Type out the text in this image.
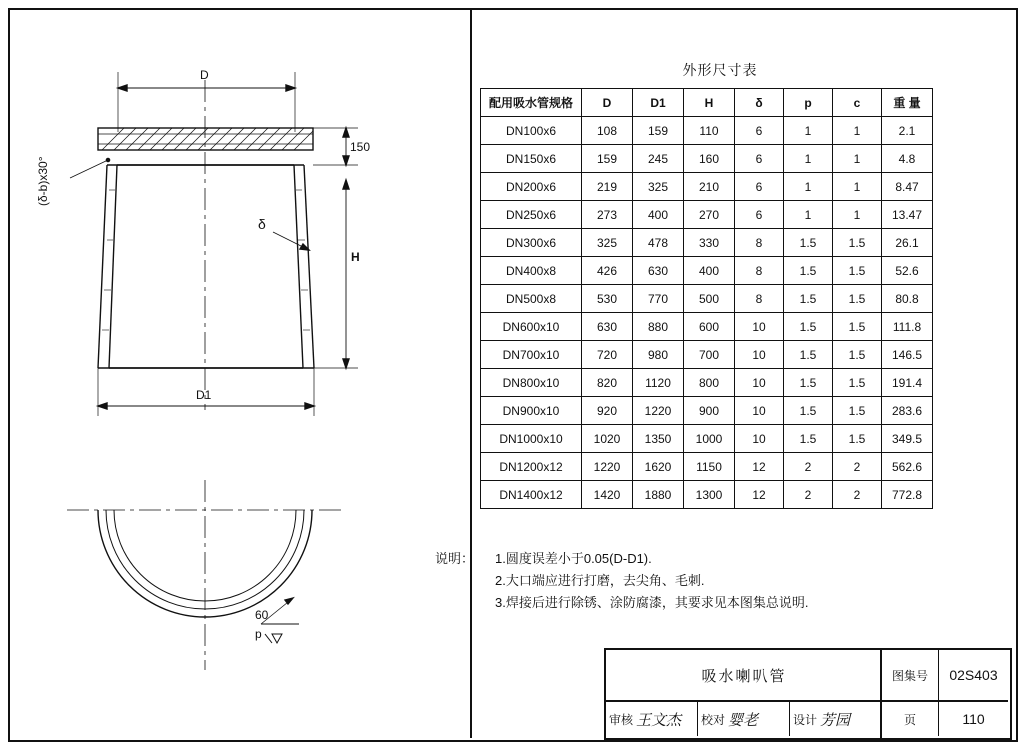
D
D1
150
H
δ
(δ-b)x30°
60
p
外形尺寸表
配用吸水管规格	D	D1	H	δ	p	c	重 量
DN100x6	108	159	110	6	1	1	2.1
DN150x6	159	245	160	6	1	1	4.8
DN200x6	219	325	210	6	1	1	8.47
DN250x6	273	400	270	6	1	1	13.47
DN300x6	325	478	330	8	1.5	1.5	26.1
DN400x8	426	630	400	8	1.5	1.5	52.6
DN500x8	530	770	500	8	1.5	1.5	80.8
DN600x10	630	880	600	10	1.5	1.5	111.8
DN700x10	720	980	700	10	1.5	1.5	146.5
DN800x10	820	1120	800	10	1.5	1.5	191.4
DN900x10	920	1220	900	10	1.5	1.5	283.6
DN1000x10	1020	1350	1000	10	1.5	1.5	349.5
DN1200x12	1220	1620	1150	12	2	2	562.6
DN1400x12	1420	1880	1300	12	2	2	772.8
说明： 1.圆度误差小于0.05(D‑D1).
2.大口端应进行打磨，去尖角、毛刺.
3.焊接后进行除锈、涂防腐漆，其要求见本图集总说明.
吸水喇叭管
审核 王文杰 校对 婴老	设计 芳园
图集号	02S403
页	110
